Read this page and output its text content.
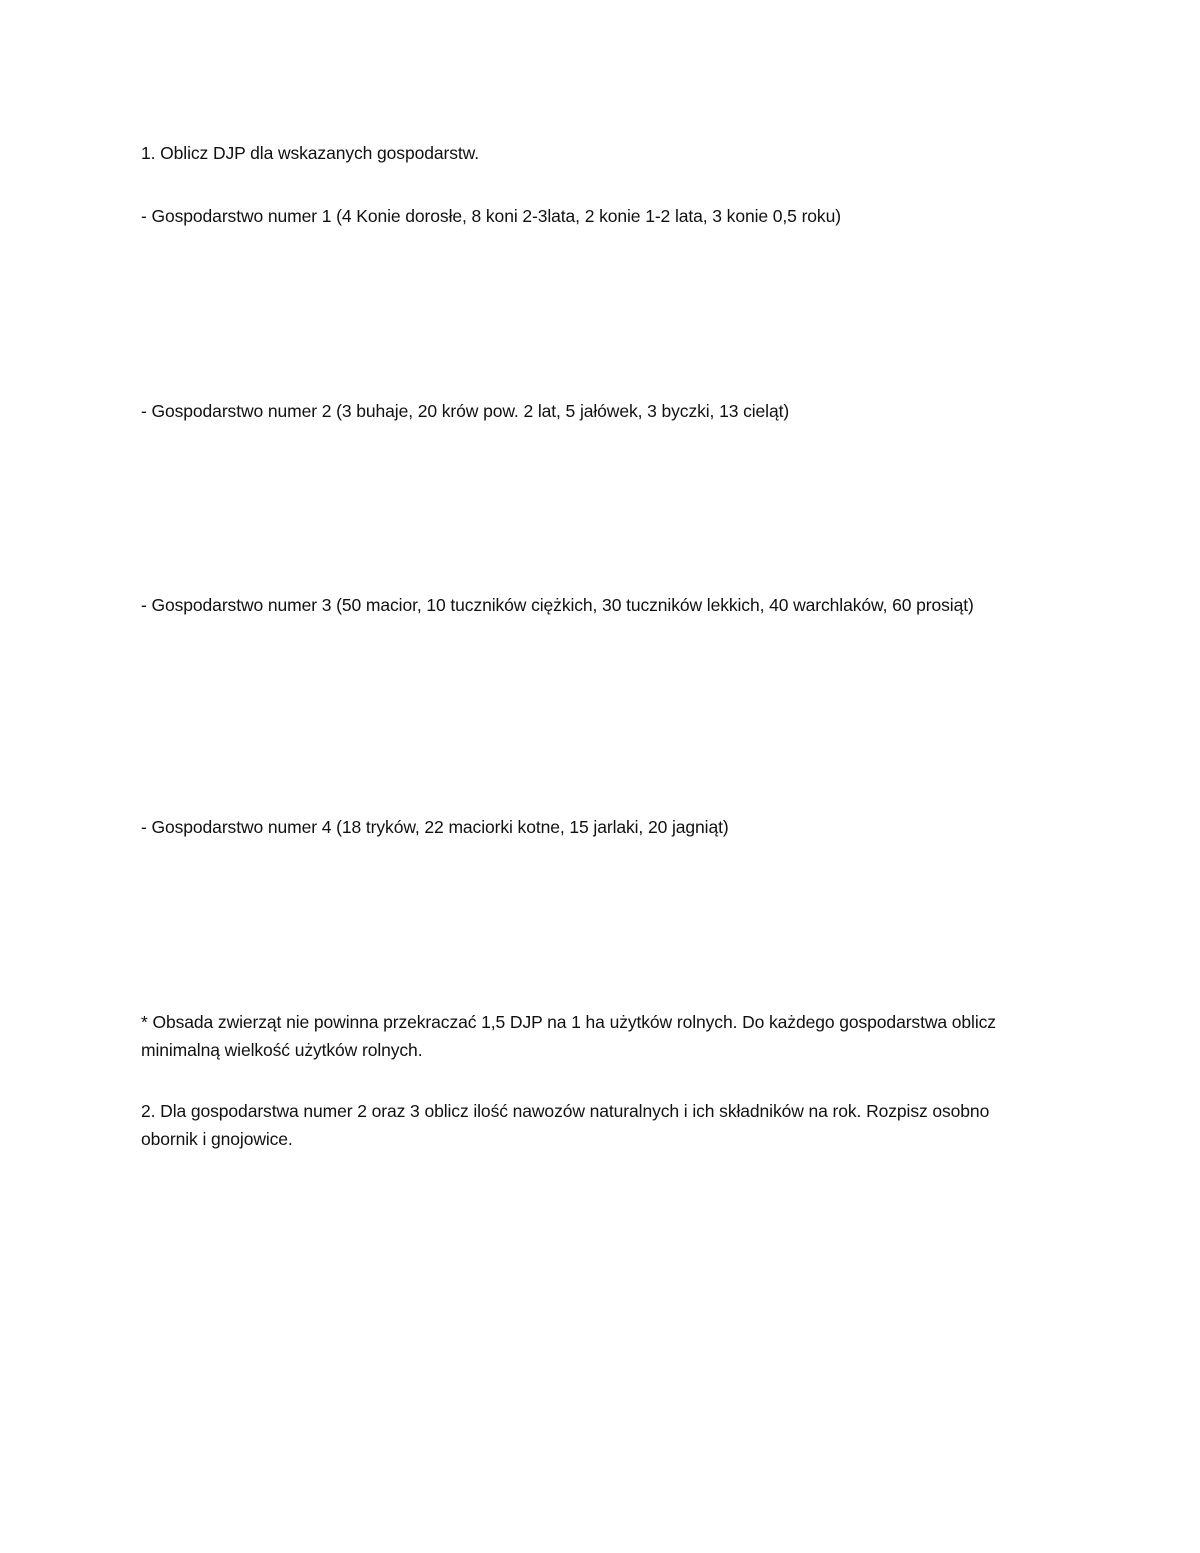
1. Oblicz DJP dla wskazanych gospodarstw.

- Gospodarstwo numer 1 (4 Konie dorosłe, 8 koni 2-3lata, 2 konie 1-2 lata, 3 konie 0,5 roku)

- Gospodarstwo numer 2 (3 buhaje, 20 krów pow. 2 lat, 5 jałówek, 3 byczki, 13 cieląt)

- Gospodarstwo numer 3 (50 macior, 10 tuczników ciężkich, 30 tuczników lekkich, 40 warchlaków, 60 prosiąt)

- Gospodarstwo numer 4 (18 tryków, 22 maciorki kotne, 15 jarlaki, 20 jagniąt)

* Obsada zwierząt nie powinna przekraczać 1,5 DJP na 1 ha użytków rolnych. Do każdego gospodarstwa oblicz minimalną wielkość użytków rolnych.

2. Dla gospodarstwa numer 2 oraz 3 oblicz ilość nawozów naturalnych i ich składników na rok. Rozpisz osobno obornik i gnojowice.
